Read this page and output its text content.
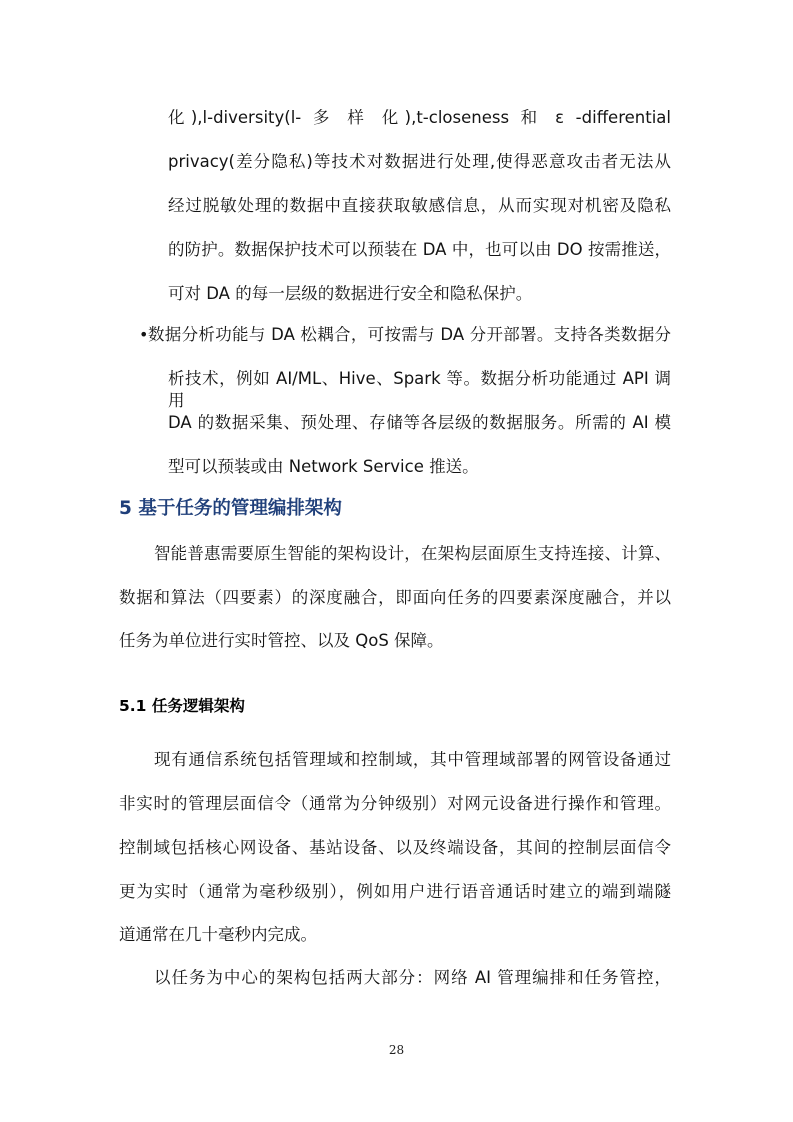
化),l-diversity(l- 多 样 化),t-closeness 和 ε -differential
privacy(差分隐私)等技术对数据进行处理,使得恶意攻击者无法从
经过脱敏处理的数据中直接获取敏感信息，从而实现对机密及隐私
的防护。数据保护技术可以预装在 DA 中，也可以由 DO 按需推送，
可对 DA 的每一层级的数据进行安全和隐私保护。
• 数据分析功能与 DA 松耦合，可按需与 DA 分开部署。支持各类数据分
析技术，例如 AI/ML、Hive、Spark 等。数据分析功能通过 API 调用
DA 的数据采集、预处理、存储等各层级的数据服务。所需的 AI 模
型可以预装或由 Network Service 推送。
5 基于任务的管理编排架构
智能普惠需要原生智能的架构设计，在架构层面原生支持连接、计算、
数据和算法（四要素）的深度融合，即面向任务的四要素深度融合，并以
任务为单位进行实时管控、以及 QoS 保障。
5.1 任务逻辑架构
现有通信系统包括管理域和控制域，其中管理域部署的网管设备通过
非实时的管理层面信令（通常为分钟级别）对网元设备进行操作和管理。
控制域包括核心网设备、基站设备、以及终端设备，其间的控制层面信令
更为实时（通常为毫秒级别），例如用户进行语音通话时建立的端到端隧
道通常在几十毫秒内完成。
以任务为中心的架构包括两大部分：网络 AI 管理编排和任务管控，
28
